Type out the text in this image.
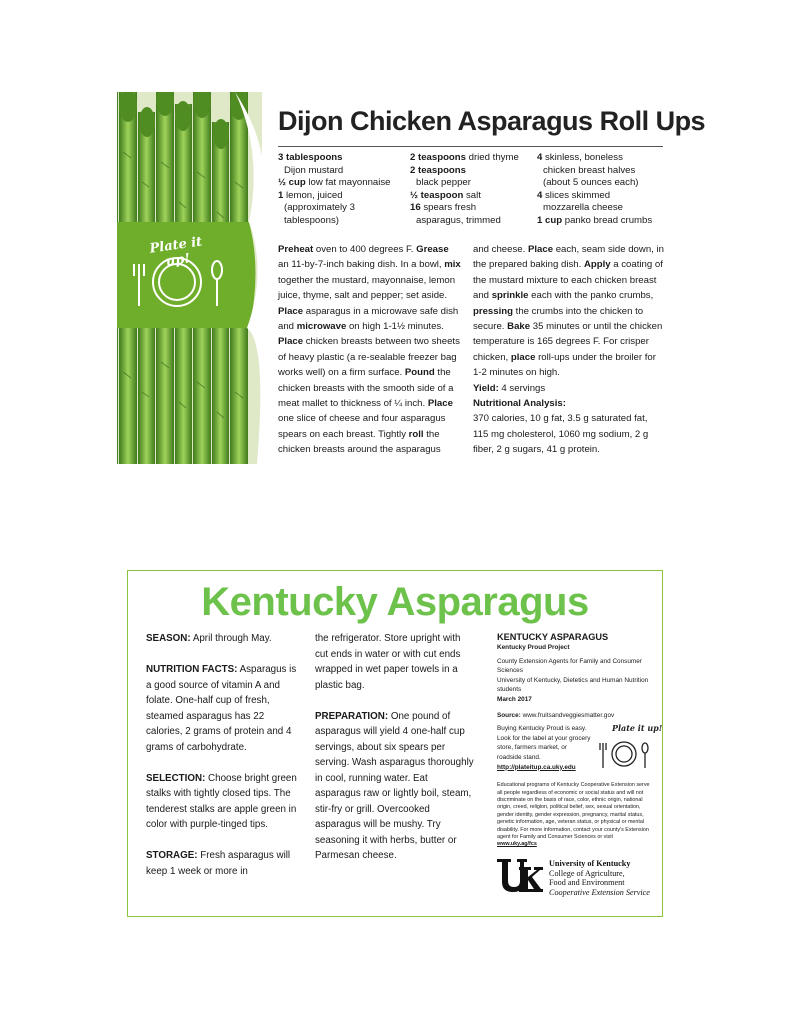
Plate it up!
Dijon Chicken Asparagus Roll Ups
3 tablespoons
Dijon mustard
½ cup low fat mayonnaise
1 lemon, juiced
(approximately 3
tablespoons)
2 teaspoons dried thyme
2 teaspoons
black pepper
½ teaspoon salt
16 spears fresh
asparagus, trimmed
4 skinless, boneless
chicken breast halves
(about 5 ounces each)
4 slices skimmed
mozzarella cheese
1 cup panko bread crumbs

Preheat oven to 400 degrees F. Grease an 11-by-7-inch baking dish. In a bowl, mix together the mustard, mayonnaise, lemon juice, thyme, salt and pepper; set aside. Place asparagus in a microwave safe dish and microwave on high 1-1½ minutes. Place chicken breasts between two sheets of heavy plastic (a re-sealable freezer bag works well) on a firm surface. Pound the chicken breasts with the smooth side of a meat mallet to thickness of ¼ inch. Place one slice of cheese and four asparagus spears on each breast. Tightly roll the chicken breasts around the asparagus

and cheese. Place each, seam side down, in the prepared baking dish. Apply a coating of the mustard mixture to each chicken breast and sprinkle each with the panko crumbs, pressing the crumbs into the chicken to secure. Bake 35 minutes or until the chicken temperature is 165 degrees F. For crisper chicken, place roll-ups under the broiler for 1-2 minutes on high.

Yield: 4 servings

Nutritional Analysis:

370 calories, 10 g fat, 3.5 g saturated fat, 115 mg cholesterol, 1060 mg sodium, 2 g fiber, 2 g sugars, 41 g protein.

Kentucky Asparagus

SEASON: April through May.

NUTRITION FACTS: Asparagus is a good source of vitamin A and folate. One-half cup of fresh, steamed asparagus has 22 calories, 2 grams of protein and 4 grams of carbohydrate.

SELECTION: Choose bright green stalks with tightly closed tips. The tenderest stalks are apple green in color with purple-tinged tips.

STORAGE: Fresh asparagus will keep 1 week or more in

the refrigerator. Store upright with cut ends in water or with cut ends wrapped in wet paper towels in a plastic bag.

PREPARATION: One pound of asparagus will yield 4 one-half cup servings, about six spears per serving. Wash asparagus thoroughly in cool, running water. Eat asparagus raw or lightly boil, steam, stir-fry or grill. Overcooked asparagus will be mushy. Try seasoning it with herbs, butter or Parmesan cheese.

KENTUCKY ASPARAGUS
Kentucky Proud Project
County Extension Agents for Family and Consumer Sciences
University of Kentucky, Dietetics and Human Nutrition students
March 2017
Source: www.fruitsandveggiesmatter.gov
Buying Kentucky Proud is easy. Look for the label at your grocery store, farmers market, or roadside stand. http://plateitup.ca.uky.edu
Plate it up!
Educational programs of Kentucky Cooperative Extension serve all people regardless of economic or social status and will not discriminate on the basis of race, color, ethnic origin, national origin, creed, religion, political belief, sex, sexual orientation, gender identity, gender expression, pregnancy, marital status, genetic information, age, veteran status, or physical or mental disability. For more information, contact your county's Extension agent for Family and Consumer Sciences or visit www.uky.ag/fcs
University of Kentucky
College of Agriculture,
Food and Environment
Cooperative Extension Service
